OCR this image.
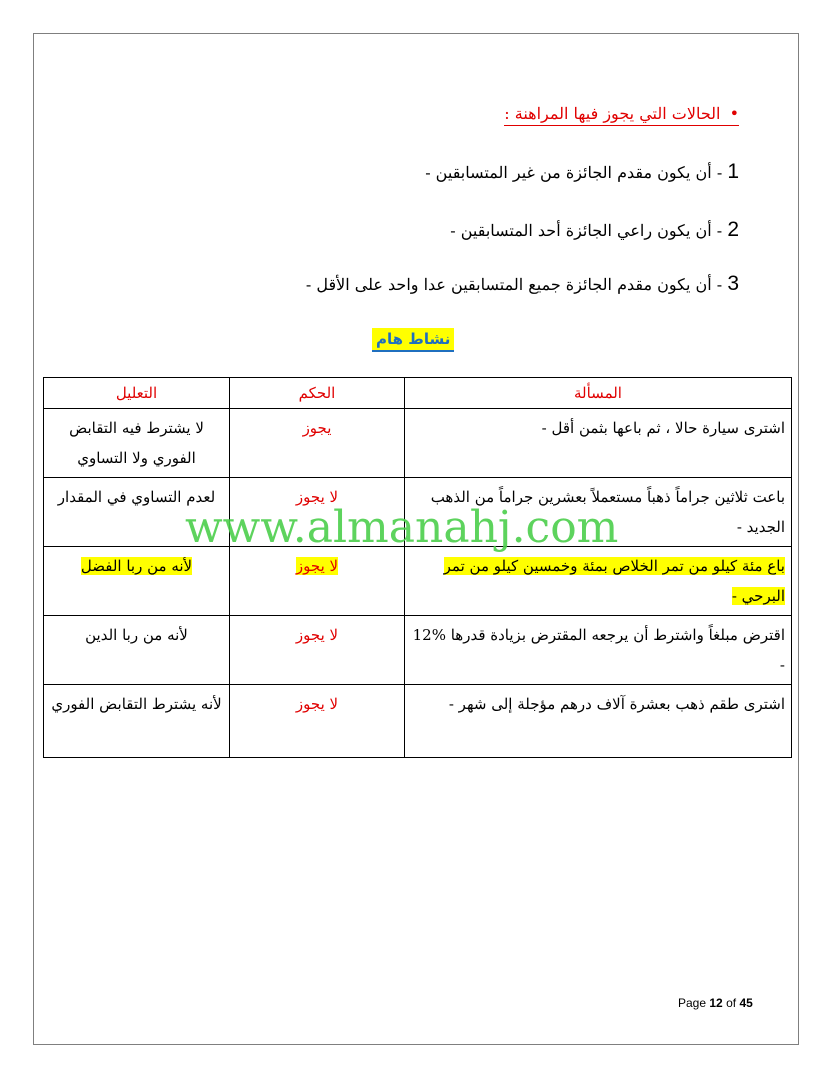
• الحالات التي يجوز فيها المراهنة :
1 - أن يكون مقدم الجائزة من غير المتسابقين -
2 - أن يكون راعي الجائزة أحد المتسابقين -
3 - أن يكون مقدم الجائزة جميع المتسابقين عدا واحد على الأقل -
نشاط هام
المسألة	الحكم	التعليل
اشترى سيارة حالا ، ثم باعها بثمن أقل -	يجوز	لا يشترط فيه التقابض الفوري ولا التساوي
باعت ثلاثين جراماً ذهباً مستعملاً بعشرين جراماً من الذهب الجديد -	لا يجوز	لعدم التساوي في المقدار
باع مئة كيلو من تمر الخلاص بمئة وخمسين كيلو من تمر البرحي -	لا يجوز	لأنه من ربا الفضل
اقترض مبلغاً واشترط أن يرجعه المقترض بزيادة قدرها %12 -	لا يجوز	لأنه من ربا الدين
اشترى طقم ذهب بعشرة آلاف درهم مؤجلة إلى شهر -	لا يجوز	لأنه يشترط التقابض الفوري
www.almanahj.com
Page 12 of 45
